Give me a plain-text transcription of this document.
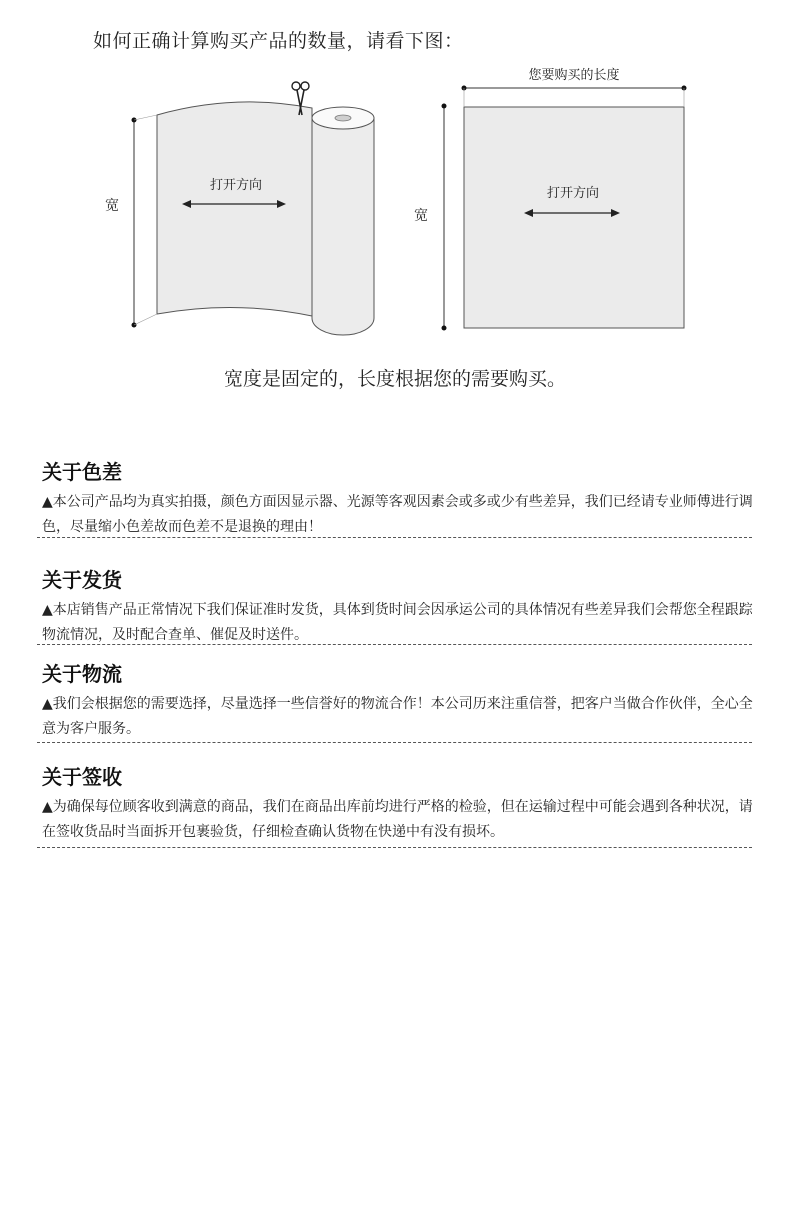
如何正确计算购买产品的数量，请看下图：
打开方向
宽
您要购买的长度
宽
打开方向
宽度是固定的，长度根据您的需要购买。
关于色差

▲本公司产品均为真实拍摄，颜色方面因显示器、光源等客观因素会或多或少有些差异，我们已经请专业师傅进行调色，尽量缩小色差故而色差不是退换的理由！

关于发货

▲本店销售产品正常情况下我们保证准时发货，具体到货时间会因承运公司的具体情况有些差异我们会帮您全程跟踪物流情况，及时配合查单、催促及时送件。

关于物流

▲我们会根据您的需要选择，尽量选择一些信誉好的物流合作！本公司历来注重信誉，把客户当做合作伙伴，全心全意为客户服务。

关于签收

▲为确保每位顾客收到满意的商品，我们在商品出库前均进行严格的检验，但在运输过程中可能会遇到各种状况，请在签收货品时当面拆开包裹验货，仔细检查确认货物在快递中有没有损坏。
